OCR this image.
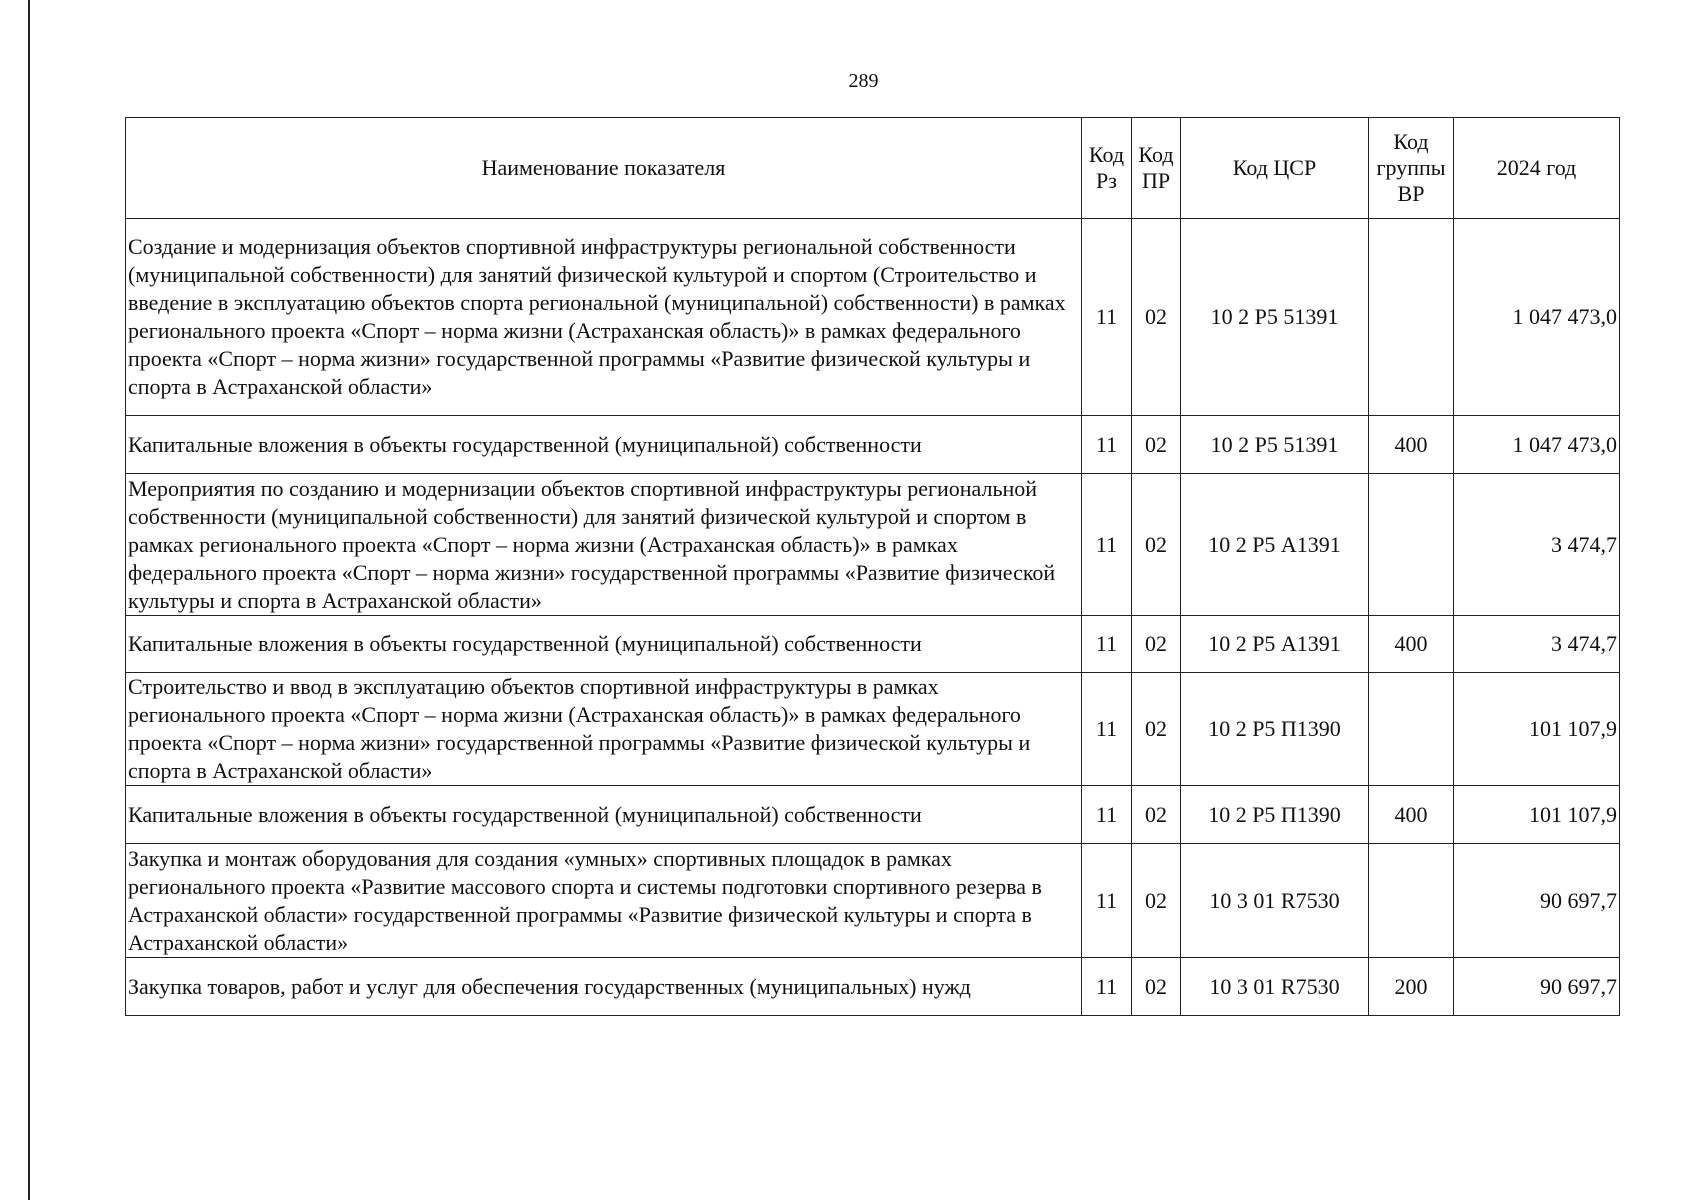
289
Наименование показателя	Код Рз	Код ПР	Код ЦСР	Код группы ВР	2024 год
Создание и модернизация объектов спортивной инфраструктуры региональной собственности (муниципальной собственности) для занятий физической культурой и спортом (Строительство и введение в эксплуатацию объектов спорта региональной (муниципальной) собственности) в рамках регионального проекта «Спорт – норма жизни (Астраханская область)» в рамках федерального проекта «Спорт – норма жизни» государственной программы «Развитие физической культуры и спорта в Астраханской области»	11	02	10 2 Р5 51391		1 047 473,0
Капитальные вложения в объекты государственной (муниципальной) собственности	11	02	10 2 Р5 51391	400	1 047 473,0
Мероприятия по созданию и модернизации объектов спортивной инфраструктуры региональной собственности (муниципальной собственности) для занятий физической культурой и спортом в рамках регионального проекта «Спорт – норма жизни (Астраханская область)» в рамках федерального проекта «Спорт – норма жизни» государственной программы «Развитие физической культуры и спорта в Астраханской области»	11	02	10 2 Р5 А1391		3 474,7
Капитальные вложения в объекты государственной (муниципальной) собственности	11	02	10 2 Р5 А1391	400	3 474,7
Строительство и ввод в эксплуатацию объектов спортивной инфраструктуры в рамках регионального проекта «Спорт – норма жизни (Астраханская область)» в рамках федерального проекта «Спорт – норма жизни» государственной программы «Развитие физической культуры и спорта в Астраханской области»	11	02	10 2 Р5 П1390		101 107,9
Капитальные вложения в объекты государственной (муниципальной) собственности	11	02	10 2 Р5 П1390	400	101 107,9
Закупка и монтаж оборудования для создания «умных» спортивных площадок в рамках регионального проекта «Развитие массового спорта и системы подготовки спортивного резерва в Астраханской области» государственной программы «Развитие физической культуры и спорта в Астраханской области»	11	02	10 3 01 R7530		90 697,7
Закупка товаров, работ и услуг для обеспечения государственных (муниципальных) нужд	11	02	10 3 01 R7530	200	90 697,7
